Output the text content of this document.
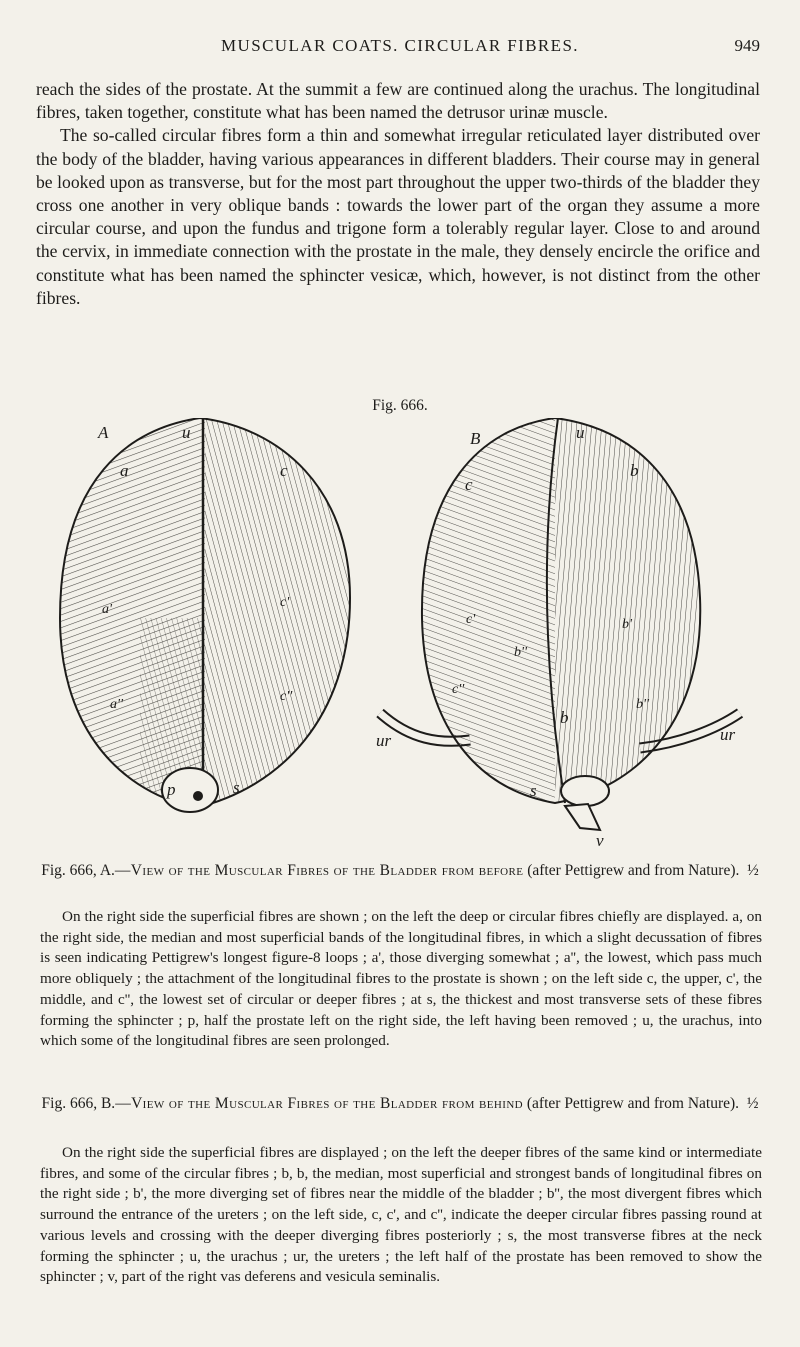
MUSCULAR COATS. CIRCULAR FIBRES.	949

reach the sides of the prostate. At the summit a few are continued along the urachus. The longitudinal fibres, taken together, constitute what has been named the detrusor urinæ muscle.

The so-called circular fibres form a thin and somewhat irregular reticulated layer distributed over the body of the bladder, having various appearances in different bladders. Their course may in general be looked upon as transverse, but for the most part throughout the upper two-thirds of the bladder they cross one another in very oblique bands : towards the lower part of the organ they assume a more circular course, and upon the fundus and trigone form a tolerably regular layer. Close to and around the cervix, in immediate connection with the prostate in the male, they densely encircle the orifice and constitute what has been named the sphincter vesicæ, which, however, is not distinct from the other fibres.

Fig. 666.
A	u
a	c
a'	c'
a''
c''
p	s
B	u
b
c
c'	b'
b''
c''
b''
b
ur	ur
s
v
Fig. 666, A.—View of the Muscular Fibres of the Bladder from before (after Pettigrew and from Nature). ½

On the right side the superficial fibres are shown ; on the left the deep or circular fibres chiefly are displayed. a, on the right side, the median and most superficial bands of the longitudinal fibres, in which a slight decussation of fibres is seen indicating Pettigrew's longest figure-8 loops ; a', those diverging somewhat ; a'', the lowest, which pass much more obliquely ; the attachment of the longitudinal fibres to the prostate is shown ; on the left side c, the upper, c', the middle, and c'', the lowest set of circular or deeper fibres ; at s, the thickest and most transverse sets of these fibres forming the sphincter ; p, half the prostate left on the right side, the left having been removed ; u, the urachus, into which some of the longitudinal fibres are seen prolonged.

Fig. 666, B.—View of the Muscular Fibres of the Bladder from behind (after Pettigrew and from Nature). ½

On the right side the superficial fibres are displayed ; on the left the deeper fibres of the same kind or intermediate fibres, and some of the circular fibres ; b, b, the median, most superficial and strongest bands of longitudinal fibres on the right side ; b', the more diverging set of fibres near the middle of the bladder ; b'', the most divergent fibres which surround the entrance of the ureters ; on the left side, c, c', and c'', indicate the deeper circular fibres passing round at various levels and crossing with the deeper diverging fibres posteriorly ; s, the most transverse fibres at the neck forming the sphincter ; u, the urachus ; ur, the ureters ; the left half of the prostate has been removed to show the sphincter ; v, part of the right vas deferens and vesicula seminalis.
